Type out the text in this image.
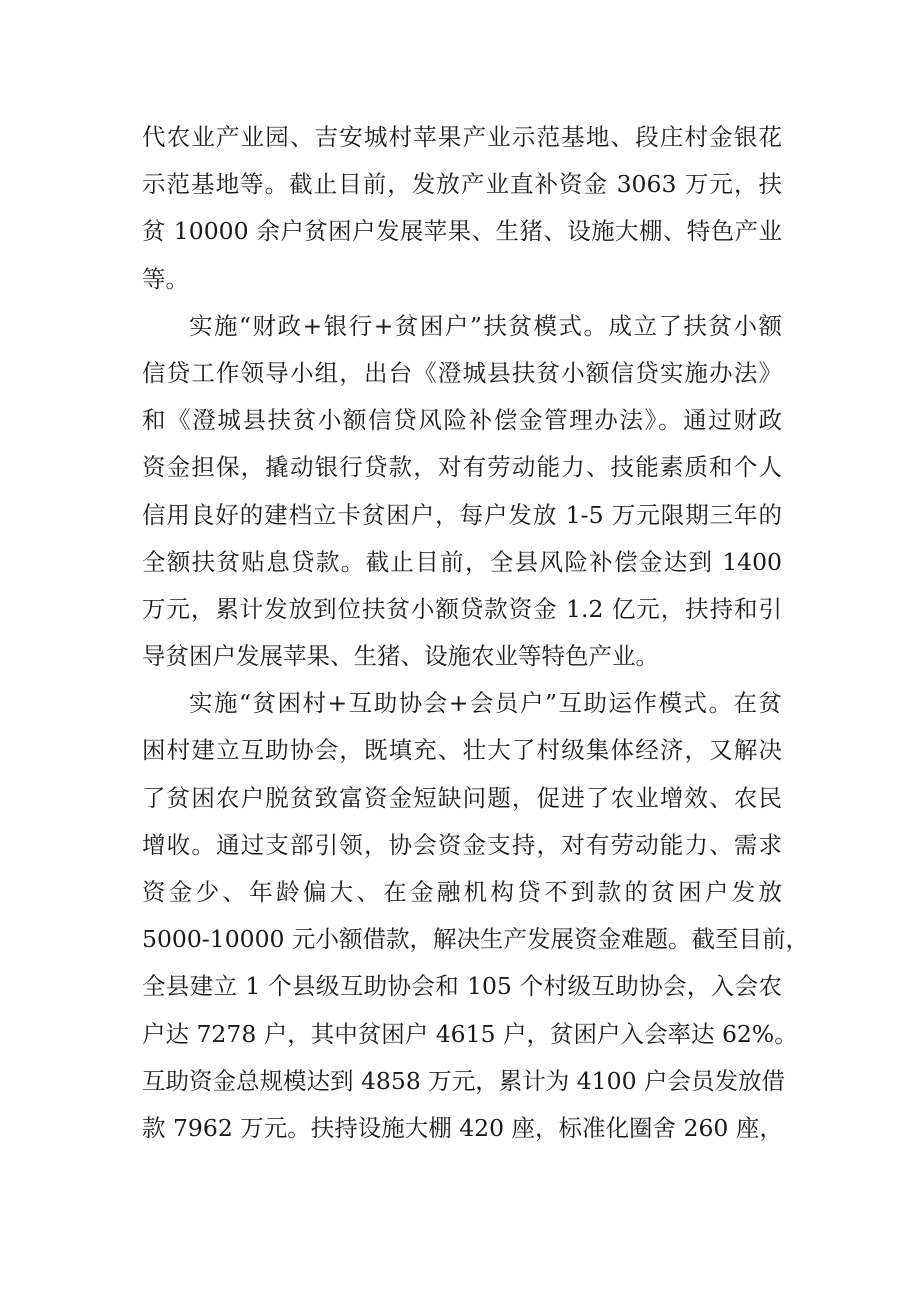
代农业产业园、吉安城村苹果产业示范基地、段庄村金银花
示范基地等。截止目前，发放产业直补资金 3063 万元，扶
贫 10000 余户贫困户发展苹果、生猪、设施大棚、特色产业
等。
实施“财政+银行+贫困户”扶贫模式。成立了扶贫小额
信贷工作领导小组，出台《澄城县扶贫小额信贷实施办法》
和《澄城县扶贫小额信贷风险补偿金管理办法》。通过财政
资金担保，撬动银行贷款，对有劳动能力、技能素质和个人
信用良好的建档立卡贫困户，每户发放 1-5 万元限期三年的
全额扶贫贴息贷款。截止目前，全县风险补偿金达到 1400
万元，累计发放到位扶贫小额贷款资金 1.2 亿元，扶持和引
导贫困户发展苹果、生猪、设施农业等特色产业。
实施“贫困村+互助协会+会员户”互助运作模式。在贫
困村建立互助协会，既填充、壮大了村级集体经济，又解决
了贫困农户脱贫致富资金短缺问题，促进了农业增效、农民
增收。通过支部引领，协会资金支持，对有劳动能力、需求
资金少、年龄偏大、在金融机构贷不到款的贫困户发放
5000-10000 元小额借款，解决生产发展资金难题。截至目前，
全县建立 1 个县级互助协会和 105 个村级互助协会，入会农
户达 7278 户，其中贫困户 4615 户，贫困户入会率达 62%。
互助资金总规模达到 4858 万元，累计为 4100 户会员发放借
款 7962 万元。扶持设施大棚 420 座，标准化圈舍 260 座，
